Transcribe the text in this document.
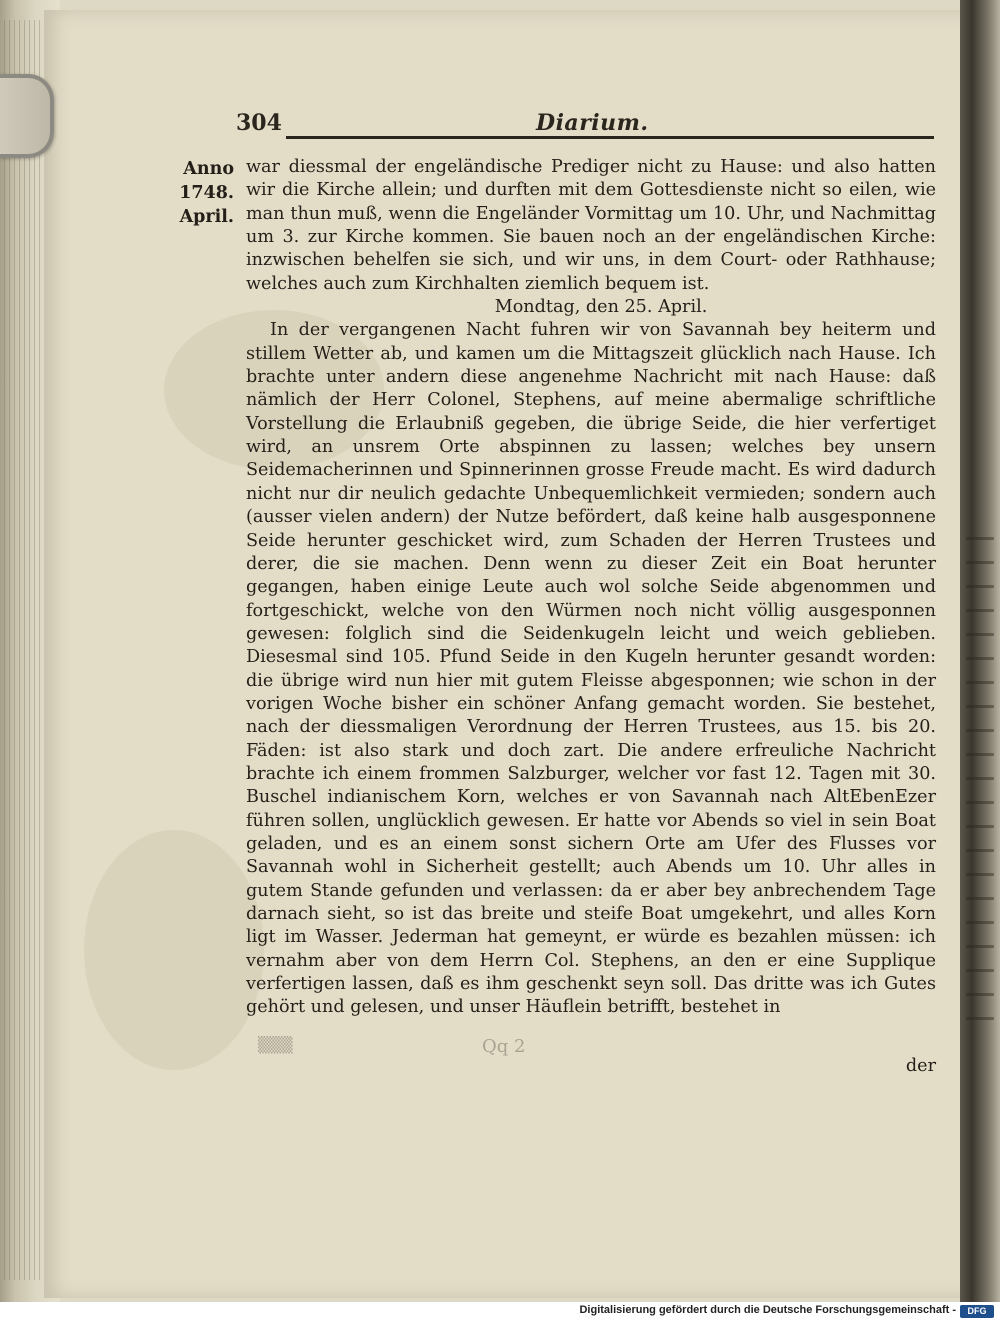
304	Diarium.
Anno
1748.
April.

war diessmal der engeländische Prediger nicht zu Hause: und also hatten wir die Kirche allein; und durften mit dem Gottesdienste nicht so eilen, wie man thun muß, wenn die Engeländer Vormittag um 10. Uhr, und Nachmittag um 3. zur Kirche kommen. Sie bauen noch an der engeländischen Kirche: inzwischen behelfen sie sich, und wir uns, in dem Court- oder Rathhause; welches auch zum Kirchhalten ziemlich bequem ist.

Mondtag, den 25. April.

In der vergangenen Nacht fuhren wir von Savannah bey heiterm und stillem Wetter ab, und kamen um die Mittagszeit glücklich nach Hause. Ich brachte unter andern diese angenehme Nachricht mit nach Hause: daß nämlich der Herr Colonel, Stephens, auf meine abermalige schriftliche Vorstellung die Erlaubniß gegeben, die übrige Seide, die hier verfertiget wird, an unsrem Orte abspinnen zu lassen; welches bey unsern Seidemacherinnen und Spinnerinnen grosse Freude macht. Es wird dadurch nicht nur dir neulich gedachte Unbequemlichkeit vermieden; sondern auch (ausser vielen andern) der Nutze befördert, daß keine halb ausgesponnene Seide herunter geschicket wird, zum Schaden der Herren Trustees und derer, die sie machen. Denn wenn zu dieser Zeit ein Boat herunter gegangen, haben einige Leute auch wol solche Seide abgenommen und fortgeschickt, welche von den Würmen noch nicht völlig ausgesponnen gewesen: folglich sind die Seidenkugeln leicht und weich geblieben. Diesesmal sind 105. Pfund Seide in den Kugeln herunter gesandt worden: die übrige wird nun hier mit gutem Fleisse abgesponnen; wie schon in der vorigen Woche bisher ein schöner Anfang gemacht worden. Sie bestehet, nach der diessmaligen Verordnung der Herren Trustees, aus 15. bis 20. Fäden: ist also stark und doch zart. Die andere erfreuliche Nachricht brachte ich einem frommen Salzburger, welcher vor fast 12. Tagen mit 30. Buschel indianischem Korn, welches er von Savannah nach AltEbenEzer führen sollen, unglücklich gewesen. Er hatte vor Abends so viel in sein Boat geladen, und es an einem sonst sichern Orte am Ufer des Flusses vor Savannah wohl in Sicherheit gestellt; auch Abends um 10. Uhr alles in gutem Stande gefunden und verlassen: da er aber bey anbrechendem Tage darnach sieht, so ist das breite und steife Boat umgekehrt, und alles Korn ligt im Wasser. Jederman hat gemeynt, er würde es bezahlen müssen: ich vernahm aber von dem Herrn Col. Stephens, an den er eine Supplique verfertigen lassen, daß es ihm geschenkt seyn soll. Das dritte was ich Gutes gehört und gelesen, und unser Häuflein betrifft, bestehet in

▒▒▒	Qq 2
der
Digitalisierung gefördert durch die Deutsche Forschungsgemeinschaft -	DFG
